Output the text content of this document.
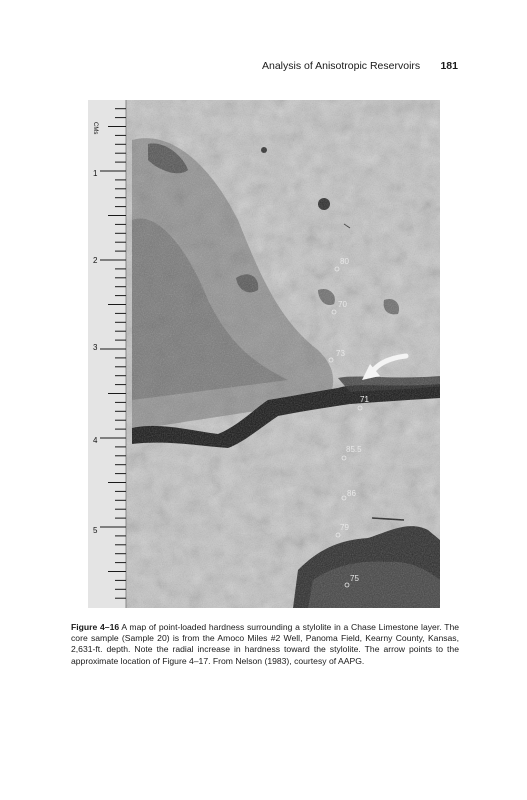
Analysis of Anisotropic Reservoirs 181
CMs
1
2
3
4
5
80
70
73
71
85.5
86
79
75
Figure 4–16 A map of point-loaded hardness surrounding a stylolite in a Chase Limestone layer. The core sample (Sample 20) is from the Amoco Miles #2 Well, Panoma Field, Kearny County, Kansas, 2,631-ft. depth. Note the radial increase in hardness toward the stylolite. The arrow points to the approximate location of Figure 4–17. From Nelson (1983), courtesy of AAPG.
